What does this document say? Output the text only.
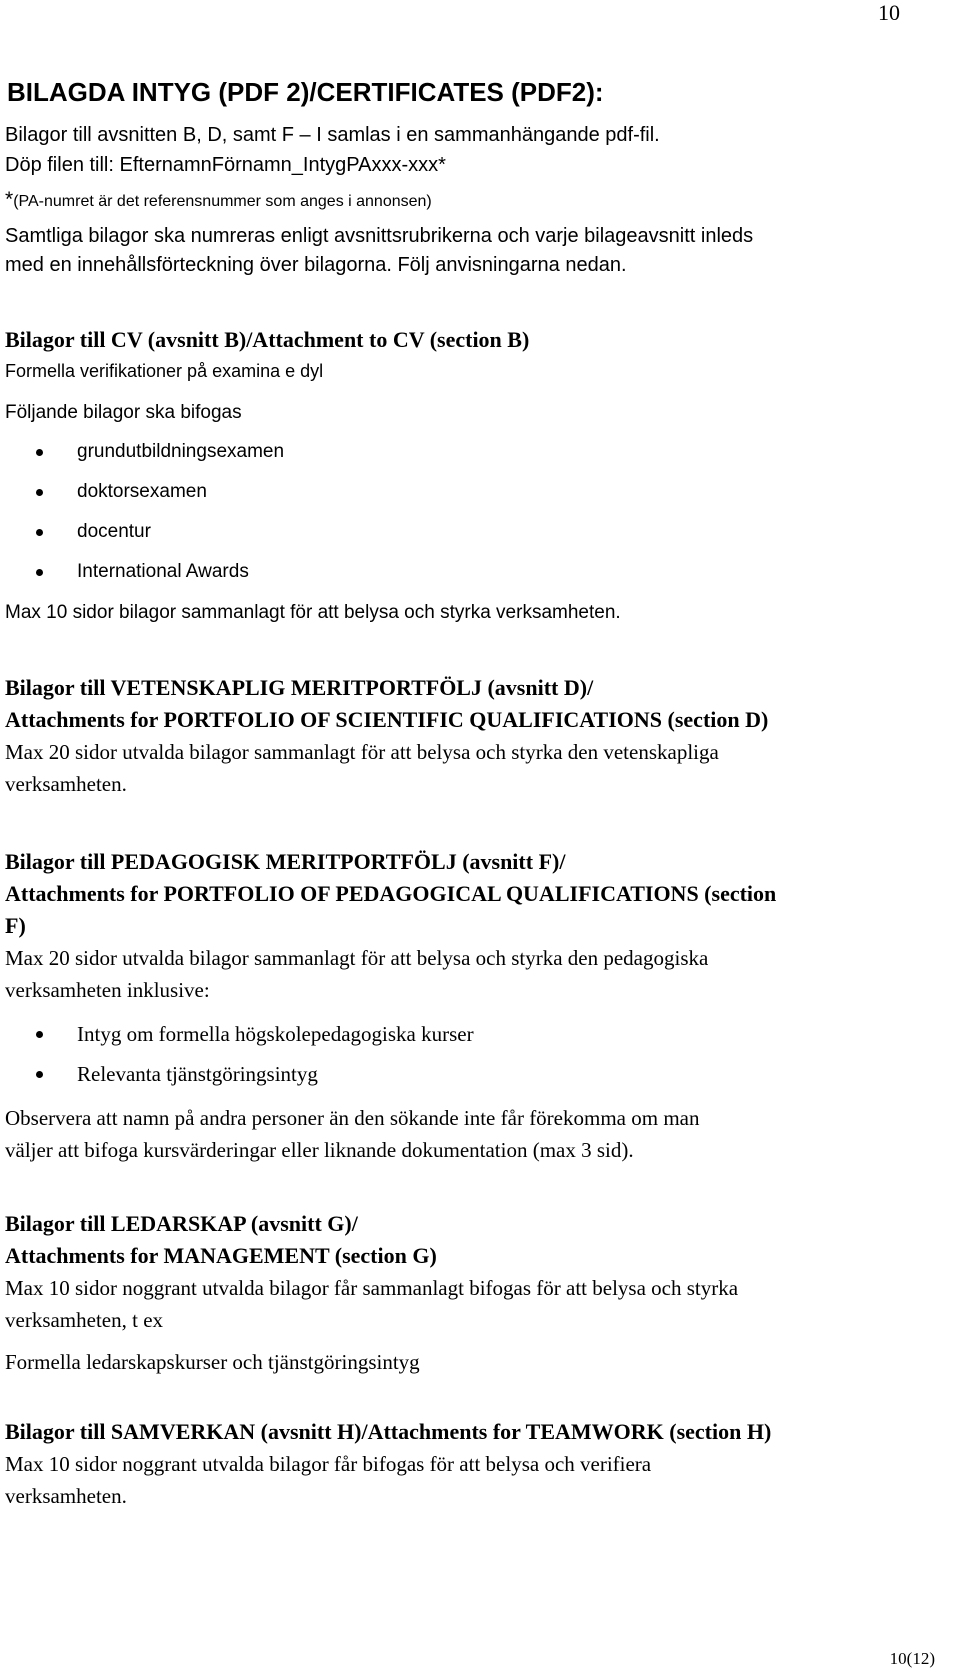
10
BILAGDA INTYG (PDF 2)/CERTIFICATES (PDF2):
Bilagor till avsnitten B, D, samt F – I samlas i en sammanhängande pdf-fil.
Döp filen till: EfternamnFörnamn_IntygPAxxx-xxx*
*(PA-numret är det referensnummer som anges i annonsen)
Samtliga bilagor ska numreras enligt avsnittsrubrikerna och varje bilageavsnitt inleds
med en innehållsförteckning över bilagorna. Följ anvisningarna nedan.
Bilagor till CV (avsnitt B)/Attachment to CV (section B)
Formella verifikationer på examina e dyl
Följande bilagor ska bifogas
grundutbildningsexamen
doktorsexamen
docentur
International Awards
Max 10 sidor bilagor sammanlagt för att belysa och styrka verksamheten.
Bilagor till VETENSKAPLIG MERITPORTFÖLJ (avsnitt D)/
Attachments for PORTFOLIO OF SCIENTIFIC QUALIFICATIONS (section D)
Max 20 sidor utvalda bilagor sammanlagt för att belysa och styrka den vetenskapliga
verksamheten.
Bilagor till PEDAGOGISK MERITPORTFÖLJ (avsnitt F)/
Attachments for PORTFOLIO OF PEDAGOGICAL QUALIFICATIONS (section
F)
Max 20 sidor utvalda bilagor sammanlagt för att belysa och styrka den pedagogiska
verksamheten inklusive:
Intyg om formella högskolepedagogiska kurser
Relevanta tjänstgöringsintyg
Observera att namn på andra personer än den sökande inte får förekomma om man
väljer att bifoga kursvärderingar eller liknande dokumentation (max 3 sid).
Bilagor till LEDARSKAP (avsnitt G)/
Attachments for MANAGEMENT (section G)
Max 10 sidor noggrant utvalda bilagor får sammanlagt bifogas för att belysa och styrka
verksamheten, t ex
Formella ledarskapskurser och tjänstgöringsintyg
Bilagor till SAMVERKAN (avsnitt H)/Attachments for TEAMWORK (section H)
Max 10 sidor noggrant utvalda bilagor får bifogas för att belysa och verifiera
verksamheten.
10(12)
